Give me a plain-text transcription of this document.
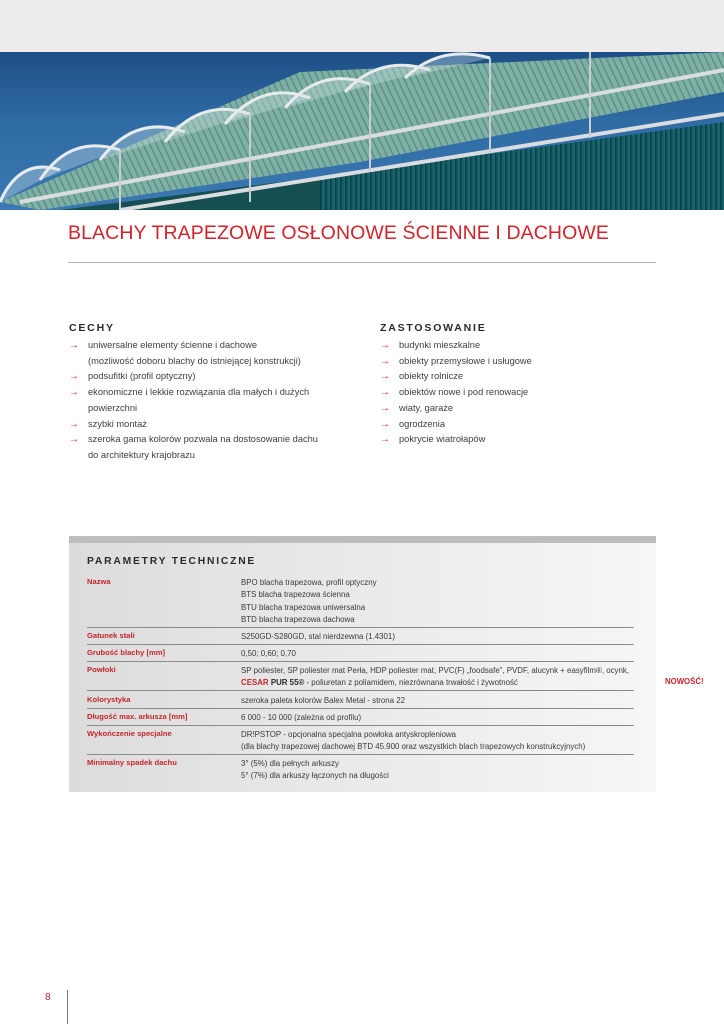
BLACHY TRAPEZOWE OSŁONOWE ŚCIENNE I DACHOWE
CECHY
→ uniwersalne elementy ścienne i dachowe
(możliwość doboru blachy do istniejącej konstrukcji)
→ podsufitki (profil optyczny)
→ ekonomiczne i lekkie rozwiązania dla małych i dużych
powierzchni
→ szybki montaż
→ szeroka gama kolorów pozwala na dostosowanie dachu
do architektury krajobrazu
ZASTOSOWANIE
→ budynki mieszkalne
→ obiekty przemysłowe i usługowe
→ obiekty rolnicze
→ obiektów nowe i pod renowacje
→ wiaty, garaże
→ ogrodzenia
→ pokrycie wiatrołapów
PARAMETRY TECHNICZNE
Nazwa	BPO blacha trapezowa, profil optyczny
BTS blacha trapezowa ścienna
BTU blacha trapezowa uniwersalna
BTD blacha trapezowa dachowa
Gatunek stali	S250GD-S280GD, stal nierdzewna (1.4301)
Grubość blachy [mm]	0,50; 0,60; 0,70
Powłoki	SP poliester, SP poliester mat Perła, HDP poliester mat, PVC(F) „foodsafe”, PVDF, alucynk + easyfilm®, ocynk,
CESAR PUR 55® - poliuretan z poliamidem, niezrównana trwałość i żywotność
Kolorystyka	szeroka paleta kolorów Balex Metal - strona 22
Długość max. arkusza [mm]	6 000 - 10 000 (zależna od profilu)
Wykończenie specjalne	DR!PSTOP - opcjonalna specjalna powłoka antyskropleniowa
(dla blachy trapezowej dachowej BTD 45.900 oraz wszystkich blach trapezowych konstrukcyjnych)
Minimalny spadek dachu	3° (5%) dla pełnych arkuszy
5° (7%) dla arkuszy łączonych na długości
NOWOŚĆ!
8
